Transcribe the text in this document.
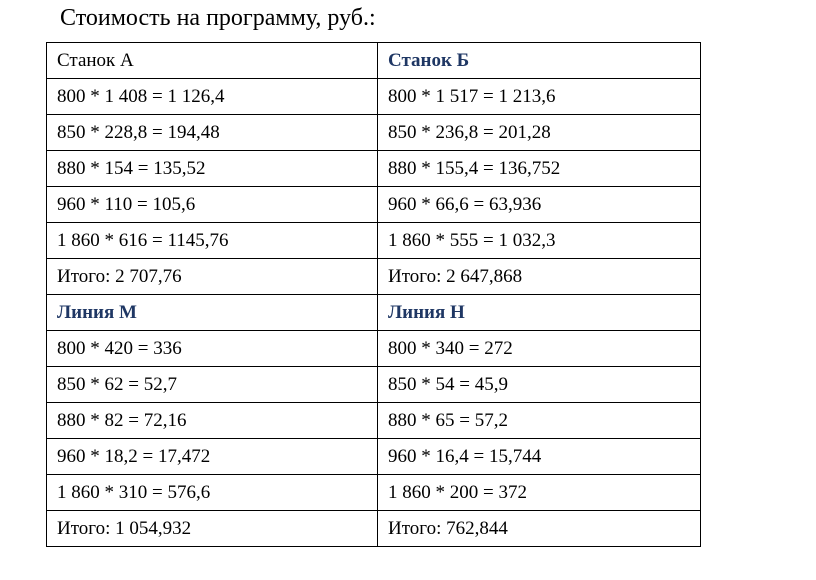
Стоимость на программу, руб.:
Станок А	Станок Б
800 * 1 408 = 1 126,4	800 * 1 517 = 1 213,6
850 * 228,8 = 194,48	850 * 236,8 = 201,28
880 * 154 = 135,52	880 * 155,4 = 136,752
960 * 110 = 105,6	960 * 66,6 = 63,936
1 860 * 616 = 1145,76	1 860 * 555 = 1 032,3
Итого: 2 707,76	Итого: 2 647,868
Линия М	Линия Н
800 * 420 = 336	800 * 340 = 272
850 * 62 = 52,7	850 * 54 = 45,9
880 * 82 = 72,16	880 * 65 = 57,2
960 * 18,2 = 17,472	960 * 16,4 = 15,744
1 860 * 310 = 576,6	1 860 * 200 = 372
Итого: 1 054,932	Итого: 762,844
